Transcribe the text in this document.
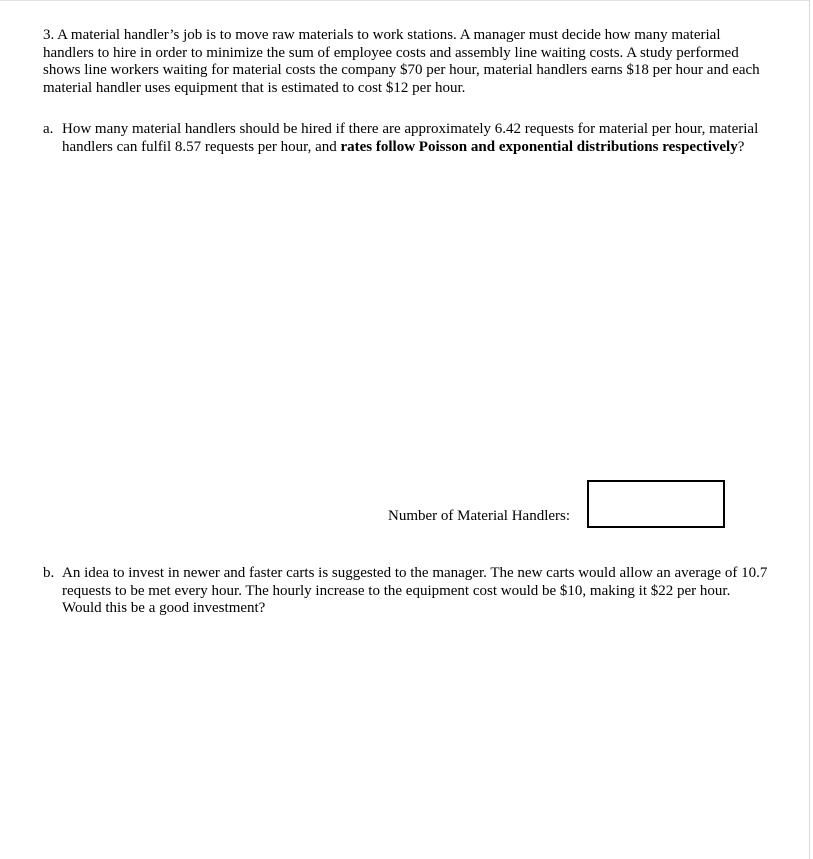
3. A material handler’s job is to move raw materials to work stations. A manager must decide how many material handlers to hire in order to minimize the sum of employee costs and assembly line waiting costs. A study performed shows line workers waiting for material costs the company $70 per hour, material handlers earns $18 per hour and each material handler uses equipment that is estimated to cost $12 per hour.
a. How many material handlers should be hired if there are approximately 6.42 requests for material per hour, material handlers can fulfil 8.57 requests per hour, and rates follow Poisson and exponential distributions respectively?
Number of Material Handlers:
b. An idea to invest in newer and faster carts is suggested to the manager. The new carts would allow an average of 10.7 requests to be met every hour. The hourly increase to the equipment cost would be $10, making it $22 per hour. Would this be a good investment?
